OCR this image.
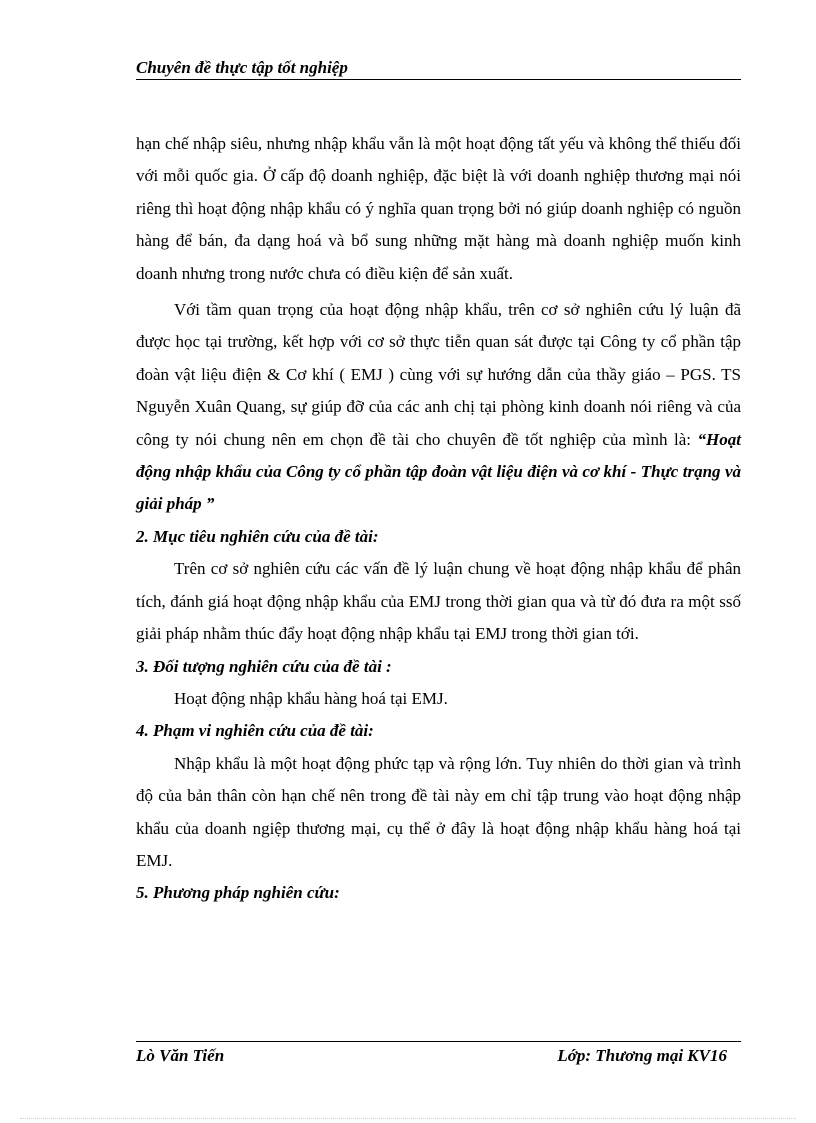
Chuyên đề thực tập tốt nghiệp

hạn chế nhập siêu, nhưng nhập khẩu vẫn là một hoạt động tất yếu và không thể thiếu đối với mỗi quốc gia. Ở cấp độ doanh nghiệp, đặc biệt là với doanh nghiệp thương mại nói riêng thì hoạt động nhập khẩu có ý nghĩa quan trọng bởi nó giúp doanh nghiệp có nguồn hàng để bán, đa dạng hoá và bổ sung những mặt hàng mà doanh nghiệp muốn kinh doanh nhưng trong nước chưa có điều kiện để sản xuất.

Với tầm quan trọng của hoạt động nhập khẩu, trên cơ sở nghiên cứu lý luận đã được học tại trường, kết hợp với cơ sở thực tiễn quan sát được tại Công ty cổ phần tập đoàn vật liệu điện & Cơ khí ( EMJ ) cùng với sự hướng dẫn của thầy giáo – PGS. TS Nguyễn Xuân Quang, sự giúp đỡ của các anh chị tại phòng kinh doanh nói riêng và của công ty nói chung nên em chọn đề tài cho chuyên đề tốt nghiệp của mình là: “Hoạt động nhập khẩu của Công ty cổ phần tập đoàn vật liệu điện và cơ khí - Thực trạng và giải pháp ”

2. Mục tiêu nghiên cứu của đề tài:

Trên cơ sở nghiên cứu các vấn đề lý luận chung về hoạt động nhập khẩu để phân tích, đánh giá hoạt động nhập khẩu của EMJ trong thời gian qua và từ đó đưa ra một ssố giải pháp nhằm thúc đẩy hoạt động nhập khẩu tại EMJ trong thời gian tới.

3. Đối tượng nghiên cứu của đề tài :

Hoạt động nhập khẩu hàng hoá tại EMJ.

4. Phạm vi nghiên cứu của đề tài:

Nhập khẩu là một hoạt động phức tạp và rộng lớn. Tuy nhiên do thời gian và trình độ của bản thân còn hạn chế nên trong đề tài này em chỉ tập trung vào hoạt động nhập khẩu của doanh ngiệp thương mại, cụ thể ở đây là hoạt động nhập khẩu hàng hoá tại EMJ.

5. Phương pháp nghiên cứu:
Lò Văn Tiến	Lớp: Thương mại KV16
